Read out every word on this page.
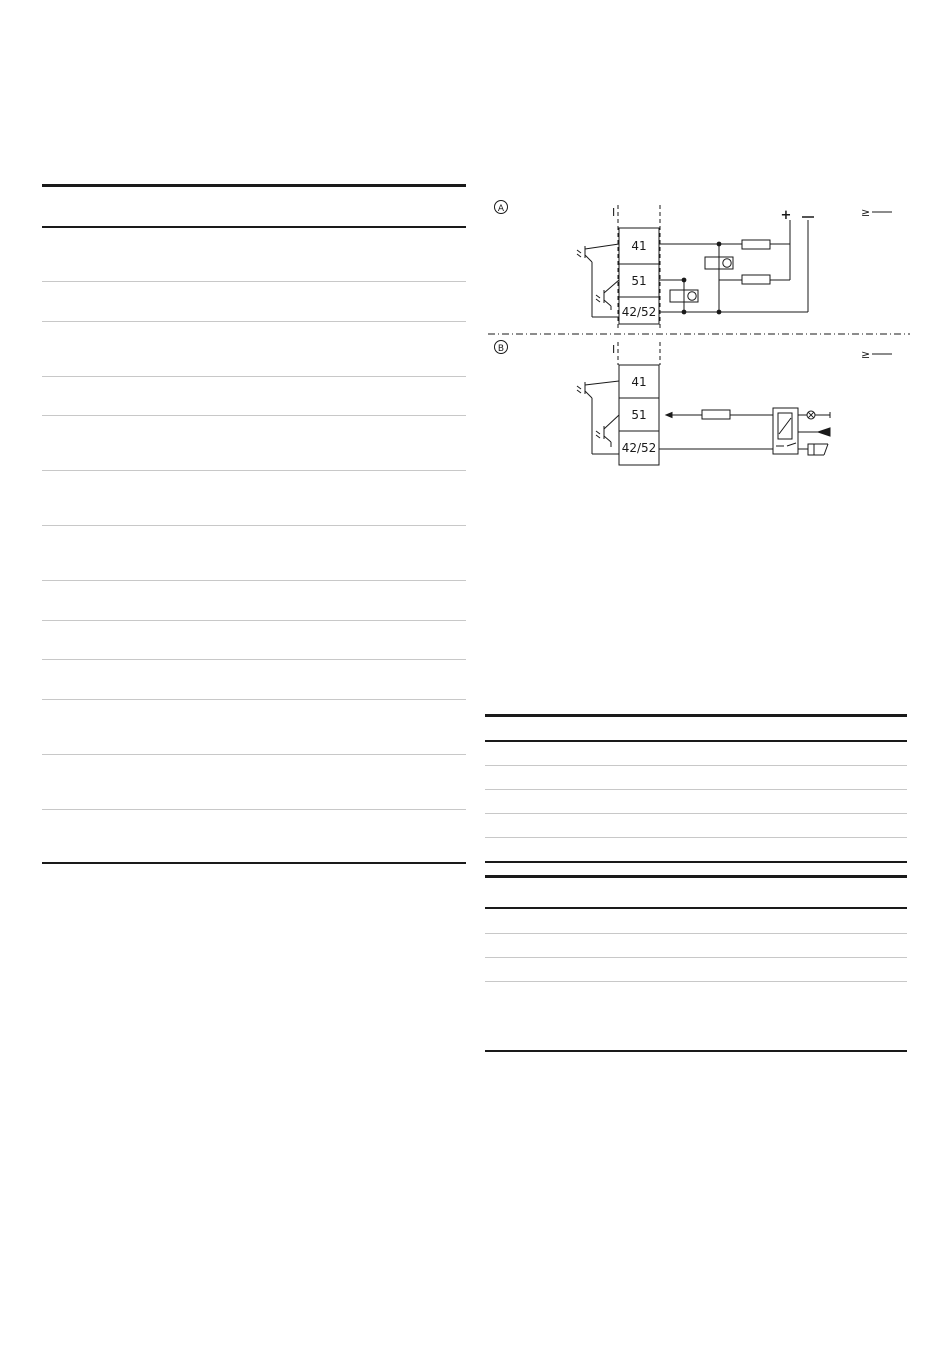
A
B
I
I
41
51
42/52
41
51
42/52
+	≥
≥
